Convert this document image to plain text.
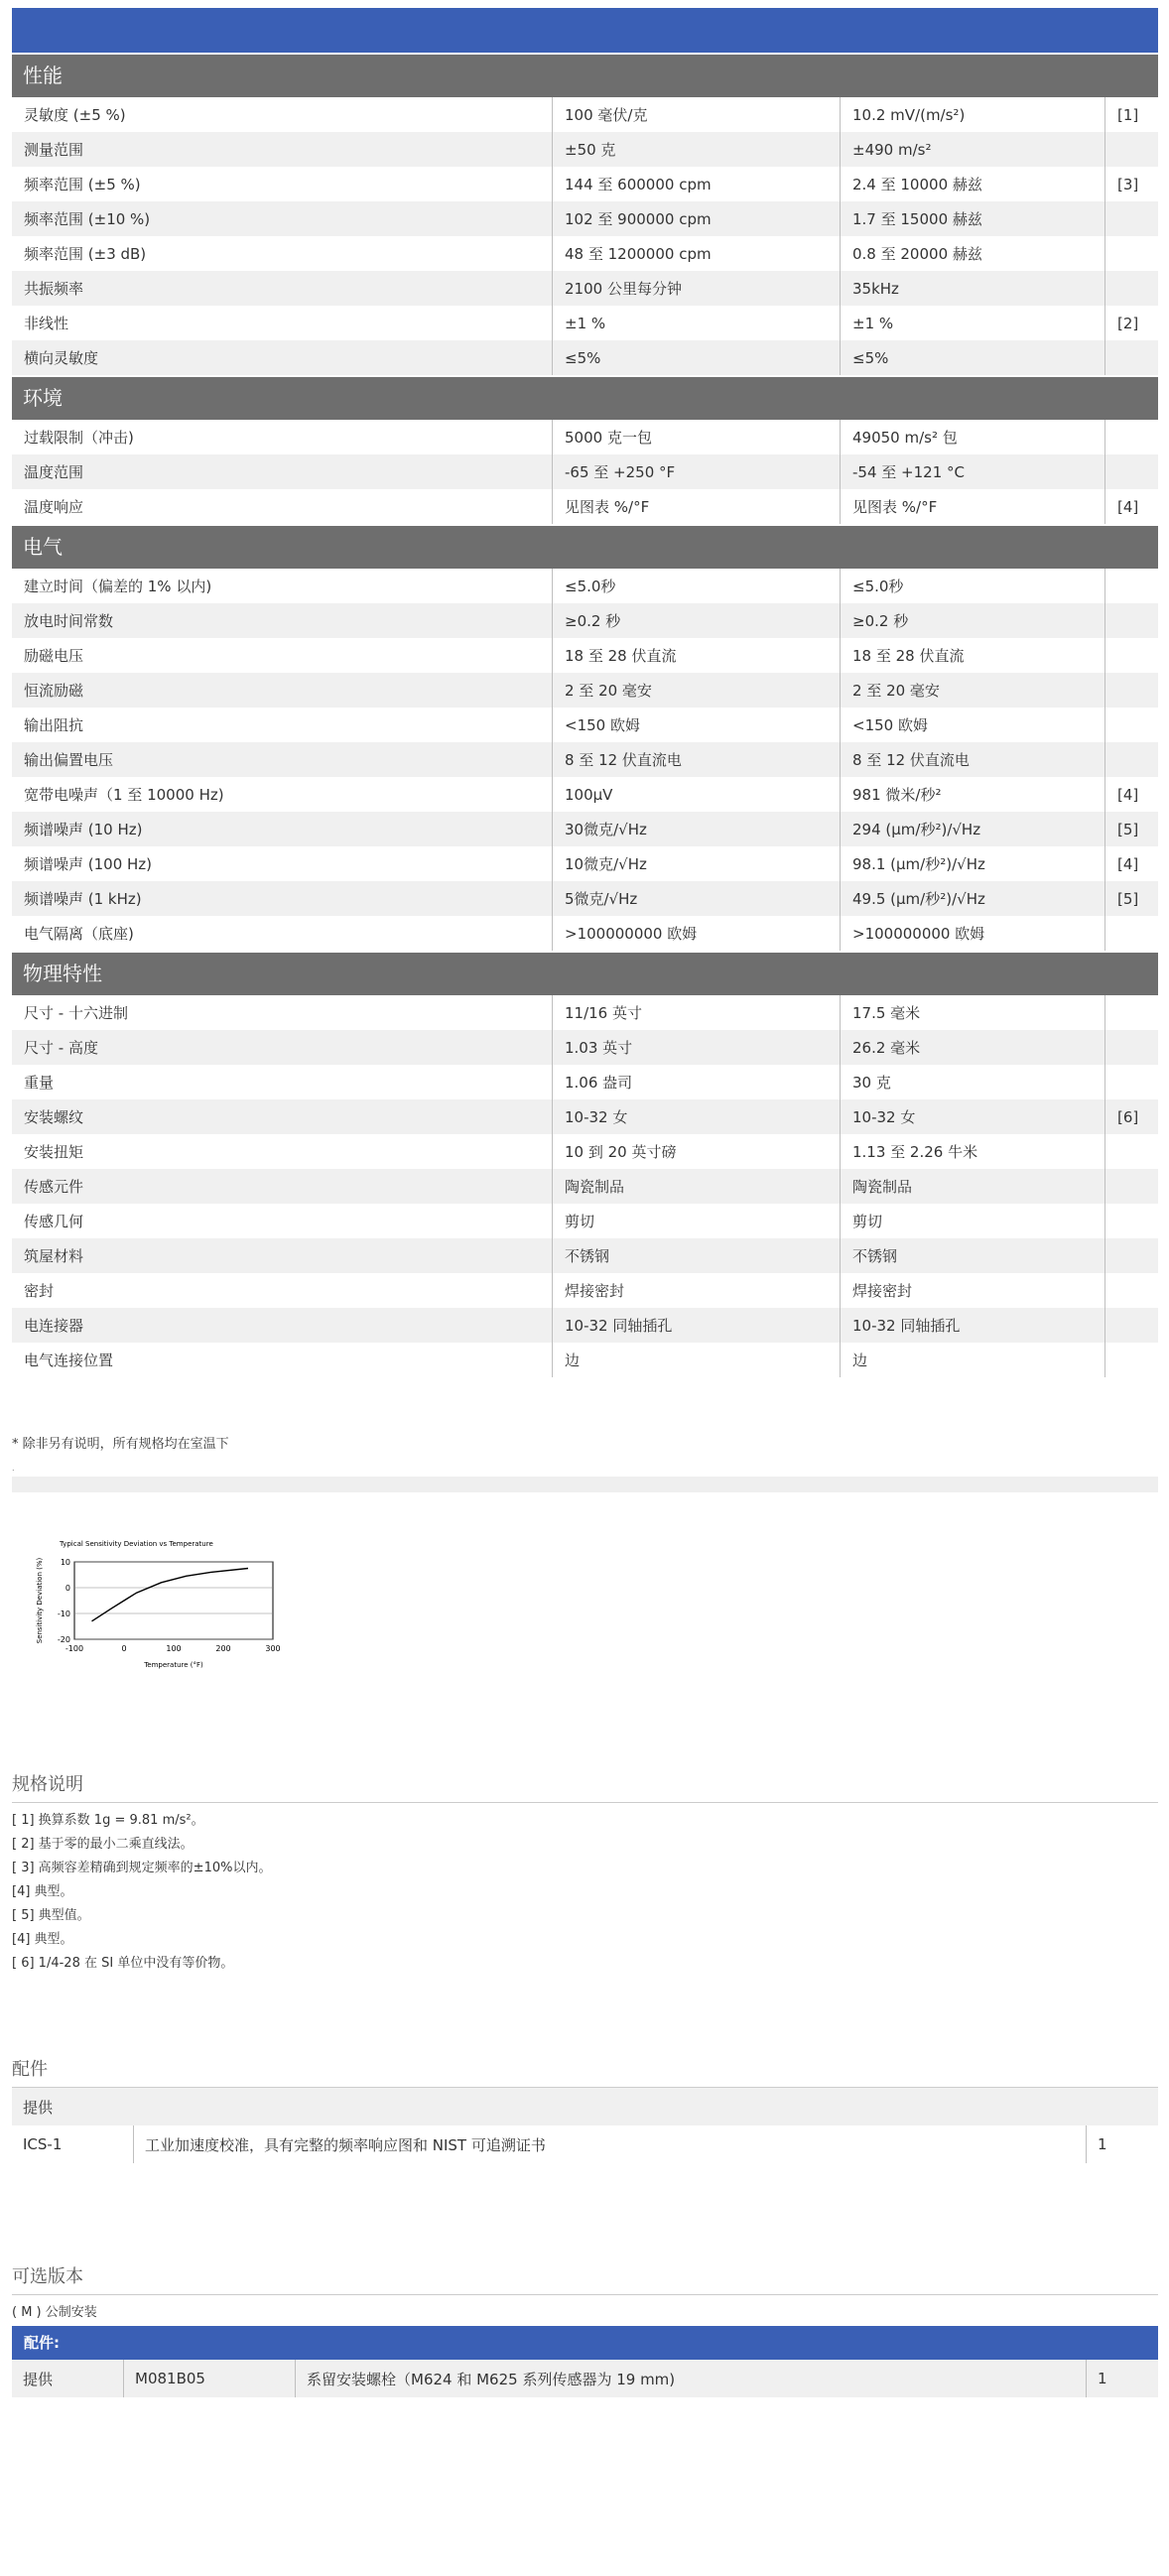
性能
灵敏度 (±5 %)	100 毫伏/克	10.2 mV/(m/s²)	[1]
测量范围	±50 克	±490 m/s²	
频率范围 (±5 %)	144 至 600000 cpm	2.4 至 10000 赫兹	[3]
频率范围 (±10 %)	102 至 900000 cpm	1.7 至 15000 赫兹	
频率范围 (±3 dB)	48 至 1200000 cpm	0.8 至 20000 赫兹	
共振频率	2100 公里每分钟	35kHz	
非线性	±1 %	±1 %	[2]
横向灵敏度	≤5%	≤5%	
环境
过载限制（冲击)	5000 克一包	49050 m/s² 包	
温度范围	-65 至 +250 °F	-54 至 +121 °C	
温度响应	见图表 %/°F	见图表 %/°F	[4]
电气
建立时间（偏差的 1% 以内)	≤5.0秒	≤5.0秒	
放电时间常数	≥0.2 秒	≥0.2 秒	
励磁电压	18 至 28 伏直流	18 至 28 伏直流	
恒流励磁	2 至 20 毫安	2 至 20 毫安	
输出阻抗	<150 欧姆	<150 欧姆	
输出偏置电压	8 至 12 伏直流电	8 至 12 伏直流电	
宽带电噪声（1 至 10000 Hz)	100µV	981 微米/秒²	[4]
频谱噪声 (10 Hz)	30微克/√Hz	294 (µm/秒²)/√Hz	[5]
频谱噪声 (100 Hz)	10微克/√Hz	98.1 (µm/秒²)/√Hz	[4]
频谱噪声 (1 kHz)	5微克/√Hz	49.5 (µm/秒²)/√Hz	[5]
电气隔离（底座)	>100000000 欧姆	>100000000 欧姆	
物理特性
尺寸 - 十六进制	11/16 英寸	17.5 毫米	
尺寸 - 高度	1.03 英寸	26.2 毫米	
重量	1.06 盎司	30 克	
安装螺纹	10-32 女	10-32 女	[6]
安装扭矩	10 到 20 英寸磅	1.13 至 2.26 牛米	
传感元件	陶瓷制品	陶瓷制品	
传感几何	剪切	剪切	
筑屋材料	不锈钢	不锈钢	
密封	焊接密封	焊接密封	
电连接器	10-32 同轴插孔	10-32 同轴插孔	
电气连接位置	边	边	
* 除非另有说明，所有规格均在室温下
.
Typical Sensitivity Deviation vs Temperature
10
0
-10
-20
-100	0	100	200	300
Temperature (°F)
Sensitivity Deviation (%)
规格说明
[ 1] 换算系数 1g = 9.81 m/s²。
[ 2] 基于零的最小二乘直线法。
[ 3] 高频容差精确到规定频率的±10%以内。
[4] 典型。
[ 5] 典型值。
[4] 典型。
[ 6] 1/4-28 在 SI 单位中没有等价物。
配件
提供
ICS-1	工业加速度校准，具有完整的频率响应图和 NIST 可追溯证书	1
可选版本
( M ) 公制安装
配件:
提供	M081B05	系留安装螺栓（M624 和 M625 系列传感器为 19 mm)	1
